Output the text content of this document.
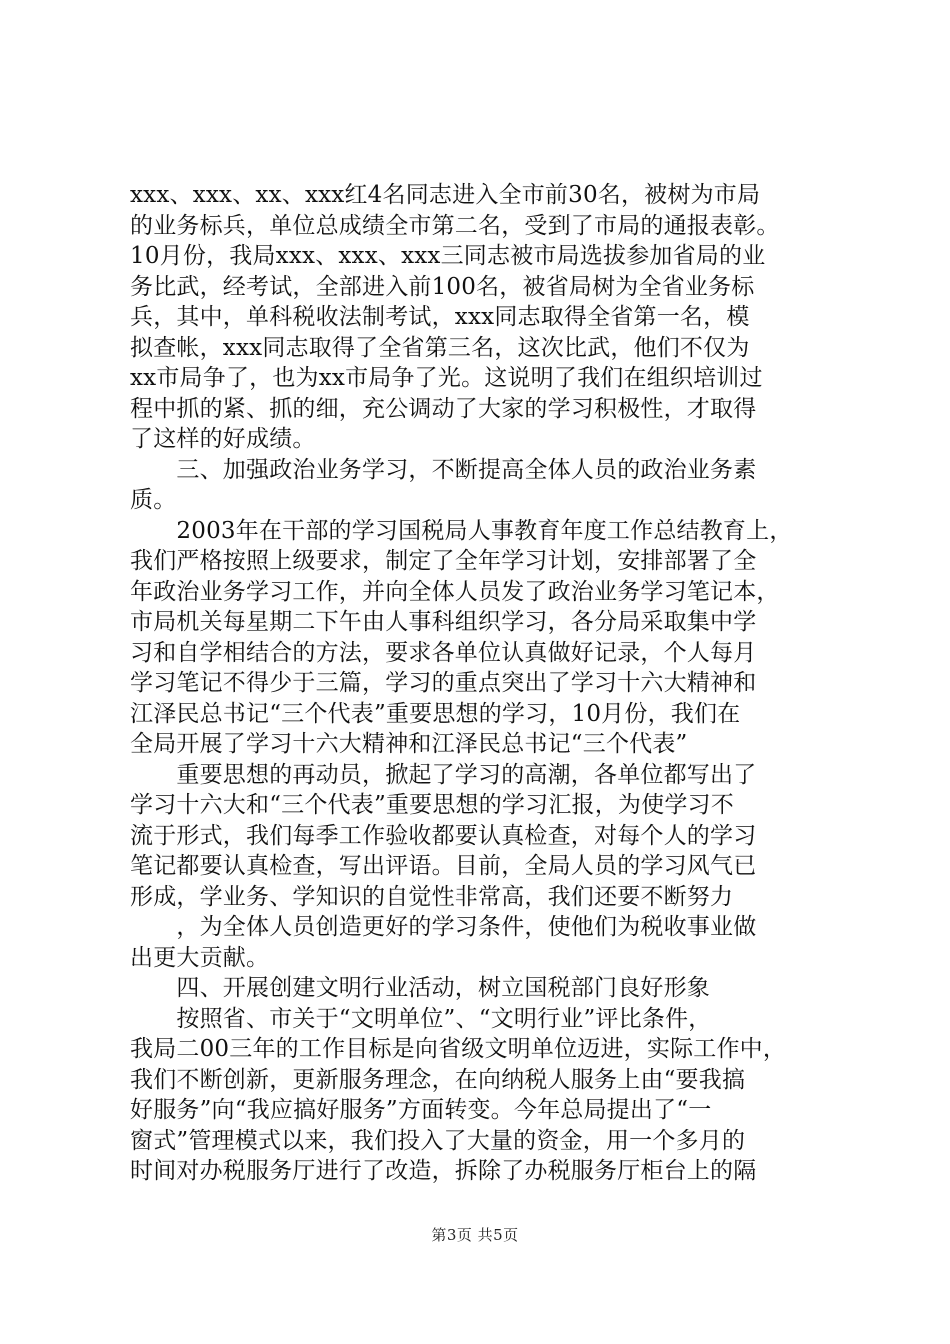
xxx、xxx、xx、xxx红4名同志进入全市前30名，被树为市局
的业务标兵，单位总成绩全市第二名，受到了市局的通报表彰。
10月份，我局xxx、xxx、xxx三同志被市局选拔参加省局的业
务比武，经考试，全部进入前100名，被省局树为全省业务标
兵，其中，单科税收法制考试，xxx同志取得全省第一名，模
拟查帐，xxx同志取得了全省第三名，这次比武，他们不仅为
xx市局争了，也为xx市局争了光。这说明了我们在组织培训过
程中抓的紧、抓的细，充公调动了大家的学习积极性，才取得
了这样的好成绩。
　　三、加强政治业务学习，不断提高全体人员的政治业务素
质。
　　2003年在干部的学习国税局人事教育年度工作总结教育上，
我们严格按照上级要求，制定了全年学习计划，安排部署了全
年政治业务学习工作，并向全体人员发了政治业务学习笔记本，
市局机关每星期二下午由人事科组织学习，各分局采取集中学
习和自学相结合的方法，要求各单位认真做好记录，个人每月
学习笔记不得少于三篇，学习的重点突出了学习十六大精神和
江泽民总书记“三个代表”重要思想的学习，10月份，我们在
全局开展了学习十六大精神和江泽民总书记“三个代表”
　　重要思想的再动员，掀起了学习的高潮，各单位都写出了
学习十六大和“三个代表”重要思想的学习汇报，为使学习不
流于形式，我们每季工作验收都要认真检查，对每个人的学习
笔记都要认真检查，写出评语。目前，全局人员的学习风气已
形成，学业务、学知识的自觉性非常高，我们还要不断努力
　　，为全体人员创造更好的学习条件，使他们为税收事业做
出更大贡献。
　　四、开展创建文明行业活动，树立国税部门良好形象
　　按照省、市关于“文明单位”、“文明行业”评比条件，
我局二00三年的工作目标是向省级文明单位迈进，实际工作中，
我们不断创新，更新服务理念，在向纳税人服务上由“要我搞
好服务”向“我应搞好服务”方面转变。今年总局提出了“一
窗式”管理模式以来，我们投入了大量的资金，用一个多月的
时间对办税服务厅进行了改造，拆除了办税服务厅柜台上的隔
第3页 共5页
